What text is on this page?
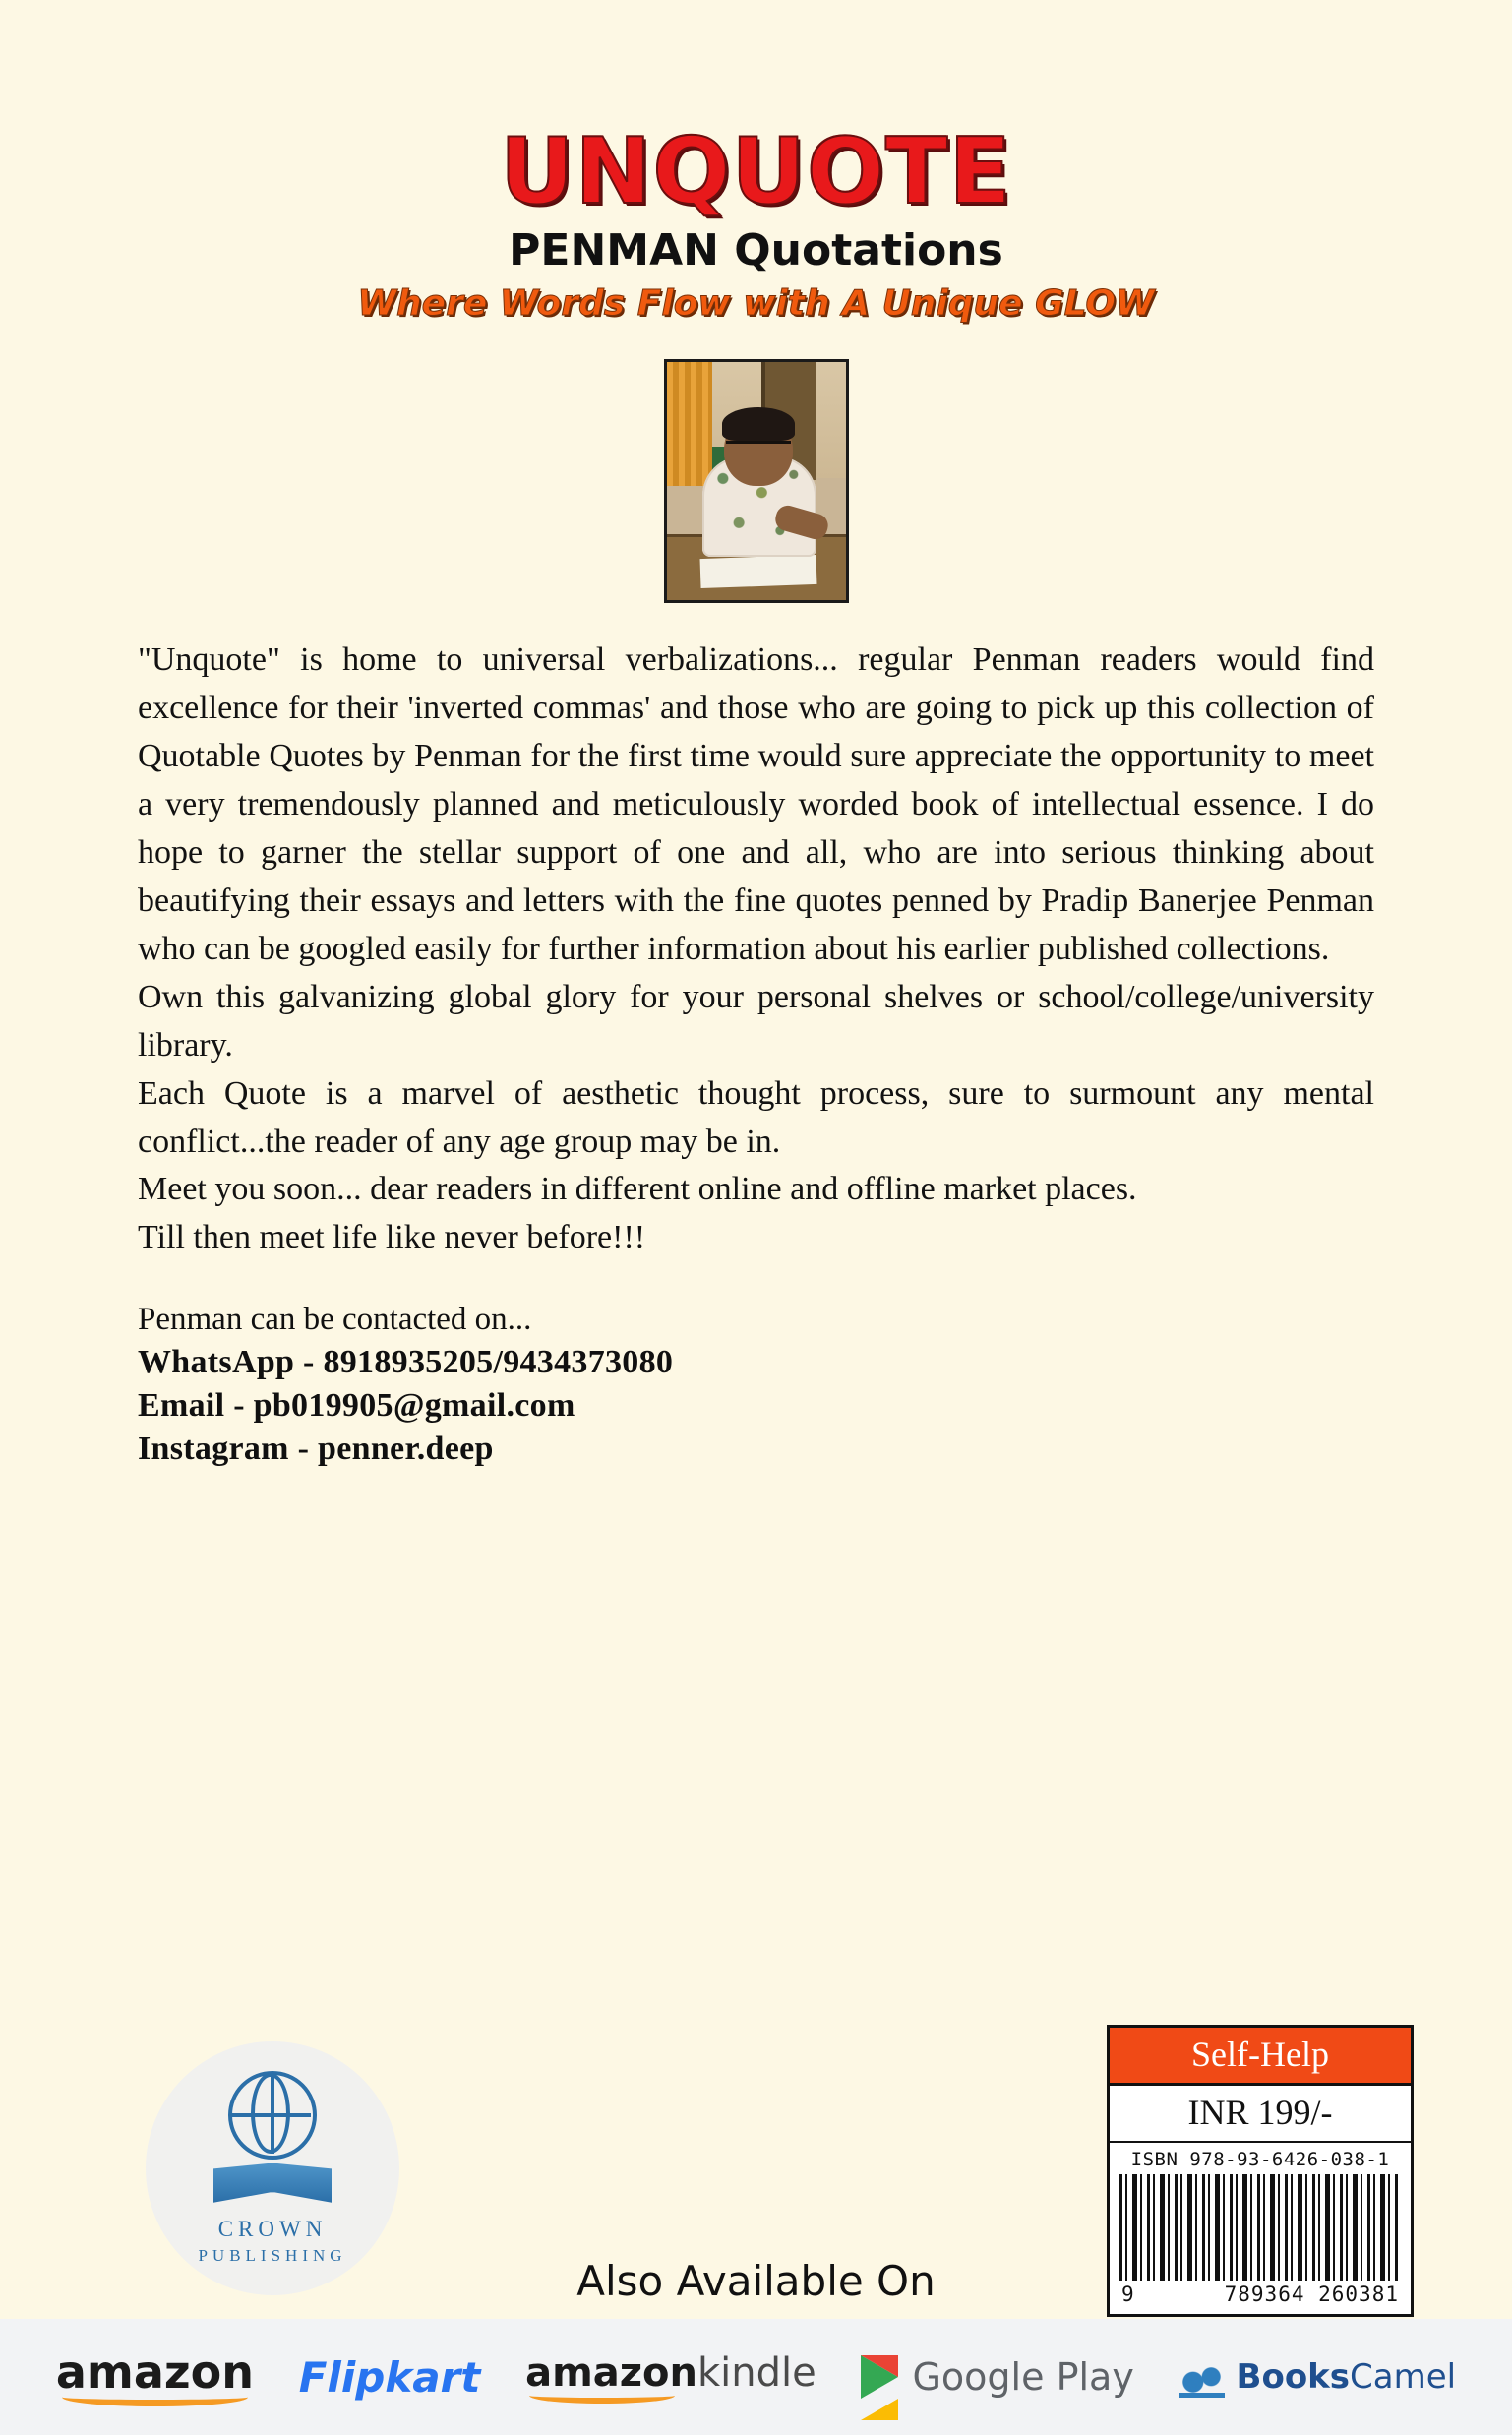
UNQUOTE
PENMAN Quotations
Where Words Flow with A Unique GLOW

"Unquote" is home to universal verbalizations... regular Penman readers would find excellence for their 'inverted commas' and those who are going to pick up this collection of Quotable Quotes by Penman for the first time would sure appreciate the opportunity to meet a very tremendously planned and meticulously worded book of intellectual essence. I do hope to garner the stellar support of one and all, who are into serious thinking about beautifying their essays and letters with the fine quotes penned by Pradip Banerjee Penman who can be googled easily for further information about his earlier published collections.

Own this galvanizing global glory for your personal shelves or school/college/university library.

Each Quote is a marvel of aesthetic thought process, sure to surmount any mental conflict...the reader of any age group may be in.

Meet you soon... dear readers in different online and offline market places.

Till then meet life like never before!!!

Penman can be contacted on...
WhatsApp - 8918935205/9434373080
Email - pb019905@gmail.com
Instagram - penner.deep
CROWN
PUBLISHING
Self-Help
INR 199/-
ISBN 978-93-6426-038-1
9	789364 260381
Also Available On
amazon Flipkart amazonkindle	Google Play	Books Camel
